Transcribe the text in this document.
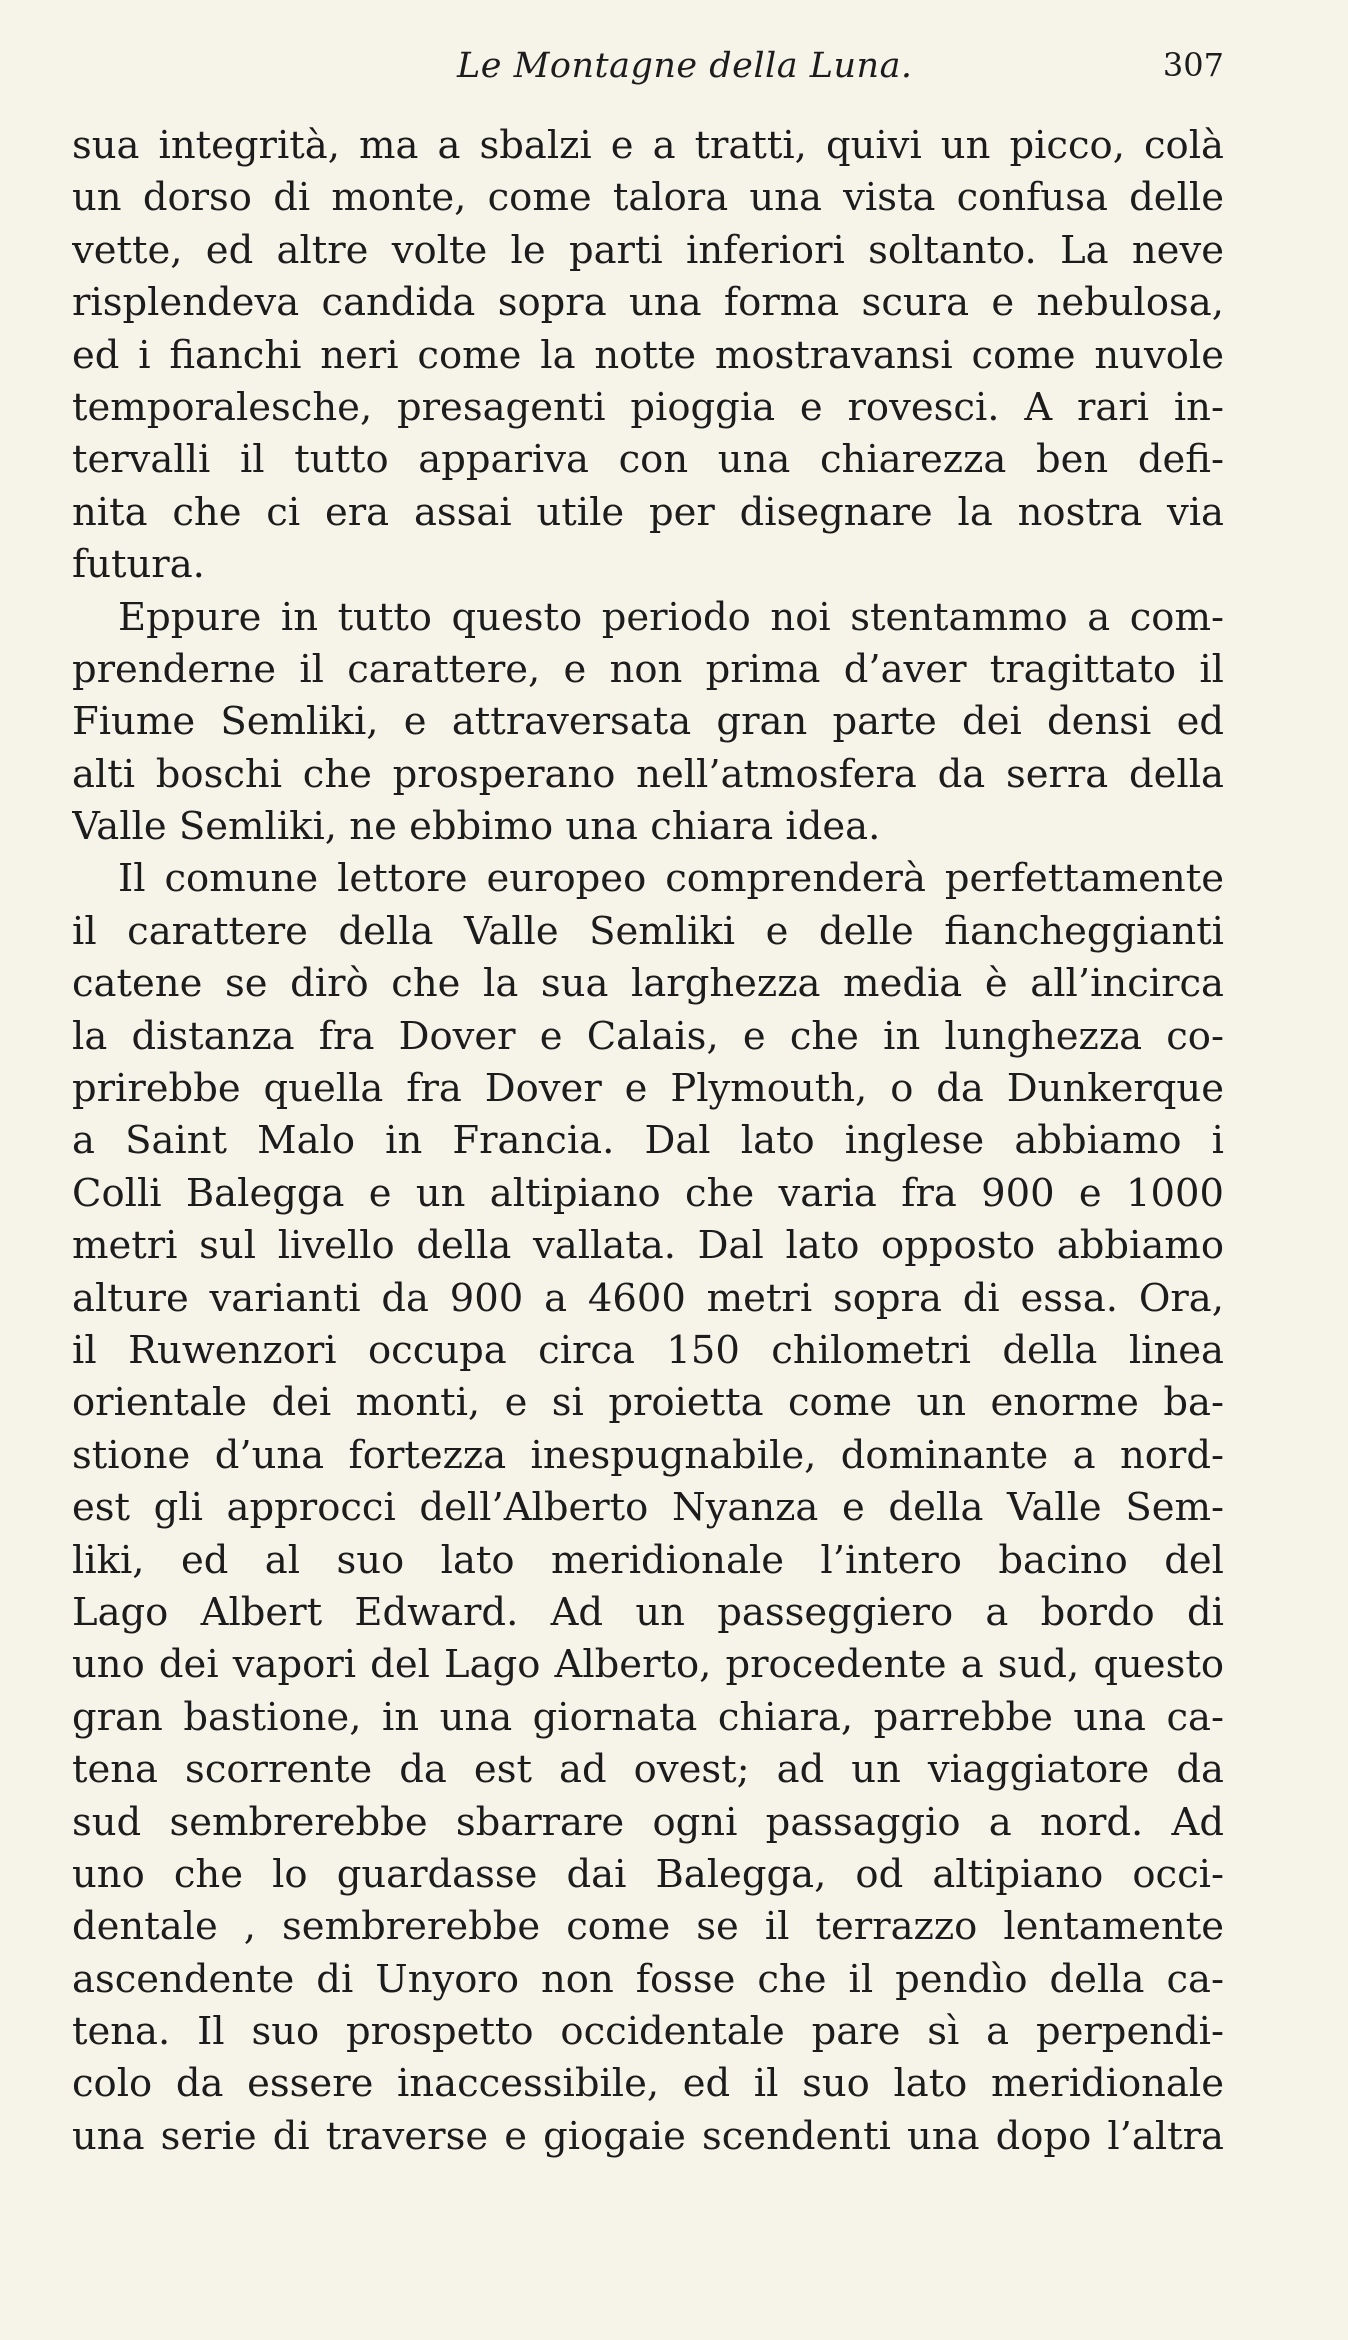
Le Montagne della Luna.	307
sua integrità, ma a sbalzi e a tratti, quivi un picco, colà
un dorso di monte, come talora una vista confusa delle
vette, ed altre volte le parti inferiori soltanto. La neve
risplendeva candida sopra una forma scura e nebulosa,
ed i fianchi neri come la notte mostravansi come nuvole
temporalesche, presagenti pioggia e rovesci. A rari in-
tervalli il tutto appariva con una chiarezza ben defi-
nita che ci era assai utile per disegnare la nostra via
futura.
Eppure in tutto questo periodo noi stentammo a com-
prenderne il carattere, e non prima d’aver tragittato il
Fiume Semliki, e attraversata gran parte dei densi ed
alti boschi che prosperano nell’atmosfera da serra della
Valle Semliki, ne ebbimo una chiara idea.
Il comune lettore europeo comprenderà perfettamente
il carattere della Valle Semliki e delle fiancheggianti
catene se dirò che la sua larghezza media è all’incirca
la distanza fra Dover e Calais, e che in lunghezza co-
prirebbe quella fra Dover e Plymouth, o da Dunkerque
a Saint Malo in Francia. Dal lato inglese abbiamo i
Colli Balegga e un altipiano che varia fra 900 e 1000
metri sul livello della vallata. Dal lato opposto abbiamo
alture varianti da 900 a 4600 metri sopra di essa. Ora,
il Ruwenzori occupa circa 150 chilometri della linea
orientale dei monti, e si proietta come un enorme ba-
stione d’una fortezza inespugnabile, dominante a nord-
est gli approcci dell’Alberto Nyanza e della Valle Sem-
liki, ed al suo lato meridionale l’intero bacino del
Lago Albert Edward. Ad un passeggiero a bordo di
uno dei vapori del Lago Alberto, procedente a sud, questo
gran bastione, in una giornata chiara, parrebbe una ca-
tena scorrente da est ad ovest; ad un viaggiatore da
sud sembrerebbe sbarrare ogni passaggio a nord. Ad
uno che lo guardasse dai Balegga, od altipiano occi-
dentale , sembrerebbe come se il terrazzo lentamente
ascendente di Unyoro non fosse che il pendìo della ca-
tena. Il suo prospetto occidentale pare sì a perpendi-
colo da essere inaccessibile, ed il suo lato meridionale
una serie di traverse e giogaie scendenti una dopo l’altra
